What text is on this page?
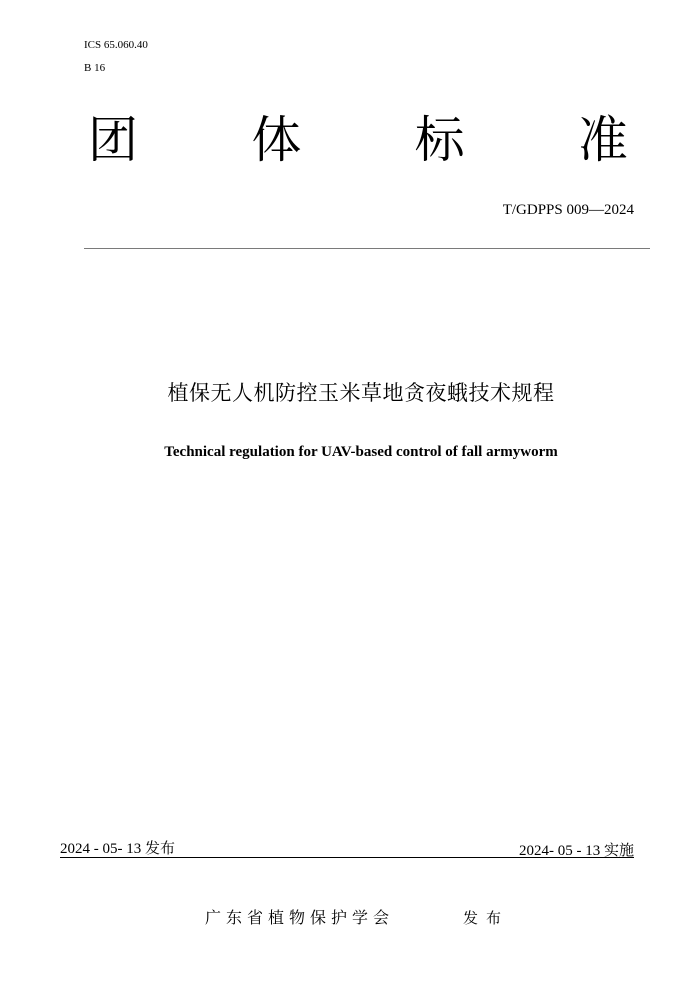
ICS 65.060.40
B 16
团 体 标 准
T/GDPPS 009—2024
植保无人机防控玉米草地贪夜蛾技术规程
Technical regulation for UAV-based control of fall armyworm
2024 - 05- 13 发布	2024- 05 - 13 实施
广东省植物保护学会	发布
